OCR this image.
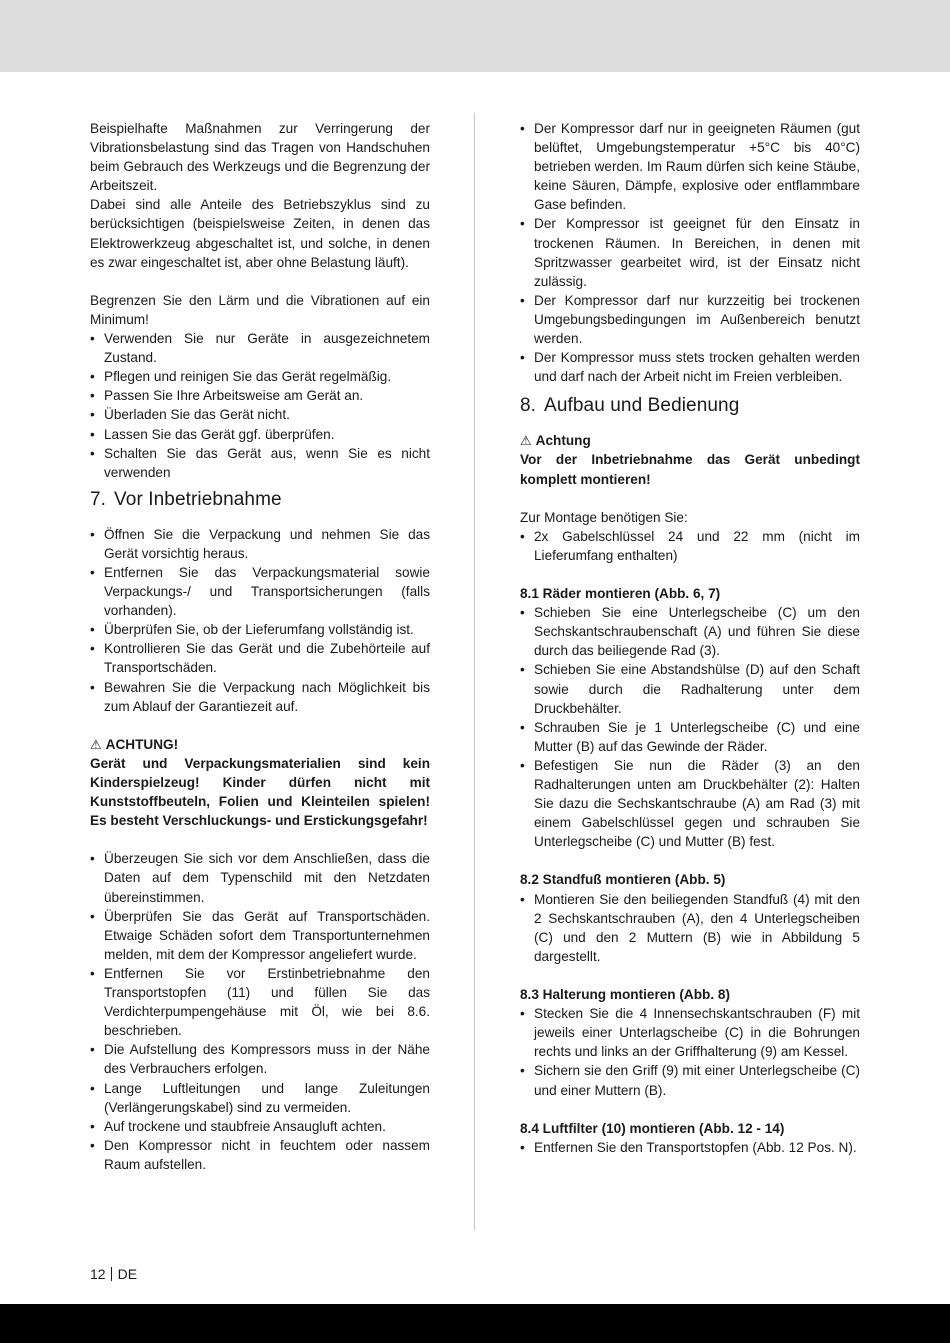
Beispielhafte Maßnahmen zur Verringerung der Vibrationsbelastung sind das Tragen von Handschuhen beim Gebrauch des Werkzeugs und die Begrenzung der Arbeitszeit.

Dabei sind alle Anteile des Betriebszyklus sind zu berücksichtigen (beispielsweise Zeiten, in denen das Elektrowerkzeug abgeschaltet ist, und solche, in denen es zwar eingeschaltet ist, aber ohne Belastung läuft).

Begrenzen Sie den Lärm und die Vibrationen auf ein Minimum!

• Verwenden Sie nur Geräte in ausgezeichnetem Zustand.
• Pflegen und reinigen Sie das Gerät regelmäßig.
• Passen Sie Ihre Arbeitsweise am Gerät an.
• Überladen Sie das Gerät nicht.
• Lassen Sie das Gerät ggf. überprüfen.
• Schalten Sie das Gerät aus, wenn Sie es nicht verwenden
7. Vor Inbetriebnahme
• Öffnen Sie die Verpackung und nehmen Sie das Gerät vorsichtig heraus.
• Entfernen Sie das Verpackungsmaterial sowie Verpackungs-/ und Transportsicherungen (falls vorhanden).
• Überprüfen Sie, ob der Lieferumfang vollständig ist.
• Kontrollieren Sie das Gerät und die Zubehörteile auf Transportschäden.
• Bewahren Sie die Verpackung nach Möglichkeit bis zum Ablauf der Garantiezeit auf.
⚠ ACHTUNG!

Gerät und Verpackungsmaterialien sind kein Kinderspielzeug! Kinder dürfen nicht mit Kunststoffbeuteln, Folien und Kleinteilen spielen! Es besteht Verschluckungs- und Erstickungsgefahr!

• Überzeugen Sie sich vor dem Anschließen, dass die Daten auf dem Typenschild mit den Netzdaten übereinstimmen.
• Überprüfen Sie das Gerät auf Transportschäden. Etwaige Schäden sofort dem Transportunternehmen melden, mit dem der Kompressor angeliefert wurde.
• Entfernen Sie vor Erstinbetriebnahme den Transportstopfen (11) und füllen Sie das Verdichterpumpengehäuse mit Öl, wie bei 8.6. beschrieben.
• Die Aufstellung des Kompressors muss in der Nähe des Verbrauchers erfolgen.
• Lange Luftleitungen und lange Zuleitungen (Verlängerungskabel) sind zu vermeiden.
• Auf trockene und staubfreie Ansaugluft achten.
• Den Kompressor nicht in feuchtem oder nassem Raum aufstellen.
• Der Kompressor darf nur in geeigneten Räumen (gut belüftet, Umgebungstemperatur +5°C bis 40°C) betrieben werden. Im Raum dürfen sich keine Stäube, keine Säuren, Dämpfe, explosive oder entflammbare Gase befinden.
• Der Kompressor ist geeignet für den Einsatz in trockenen Räumen. In Bereichen, in denen mit Spritzwasser gearbeitet wird, ist der Einsatz nicht zulässig.
• Der Kompressor darf nur kurzzeitig bei trockenen Umgebungsbedingungen im Außenbereich benutzt werden.
• Der Kompressor muss stets trocken gehalten werden und darf nach der Arbeit nicht im Freien verbleiben.
8. Aufbau und Bedienung
⚠ Achtung

Vor der Inbetriebnahme das Gerät unbedingt komplett montieren!

Zur Montage benötigen Sie:

• 2x Gabelschlüssel 24 und 22 mm (nicht im Lieferumfang enthalten)
8.1 Räder montieren (Abb. 6, 7)
• Schieben Sie eine Unterlegscheibe (C) um den Sechskantschraubenschaft (A) und führen Sie diese durch das beiliegende Rad (3).
• Schieben Sie eine Abstandshülse (D) auf den Schaft sowie durch die Radhalterung unter dem Druckbehälter.
• Schrauben Sie je 1 Unterlegscheibe (C) und eine Mutter (B) auf das Gewinde der Räder.
• Befestigen Sie nun die Räder (3) an den Radhalterungen unten am Druckbehälter (2): Halten Sie dazu die Sechskantschraube (A) am Rad (3) mit einem Gabelschlüssel gegen und schrauben Sie Unterlegscheibe (C) und Mutter (B) fest.
8.2 Standfuß montieren (Abb. 5)
• Montieren Sie den beiliegenden Standfuß (4) mit den 2 Sechskantschrauben (A), den 4 Unterlegscheiben (C) und den 2 Muttern (B) wie in Abbildung 5 dargestellt.
8.3 Halterung montieren (Abb. 8)
• Stecken Sie die 4 Innensechskantschrauben (F) mit jeweils einer Unterlagscheibe (C) in die Bohrungen rechts und links an der Griffhalterung (9) am Kessel.
• Sichern sie den Griff (9) mit einer Unterlegscheibe (C) und einer Muttern (B).
8.4 Luftfilter (10) montieren (Abb. 12 - 14)
• Entfernen Sie den Transportstopfen (Abb. 12 Pos. N).
12 DE
